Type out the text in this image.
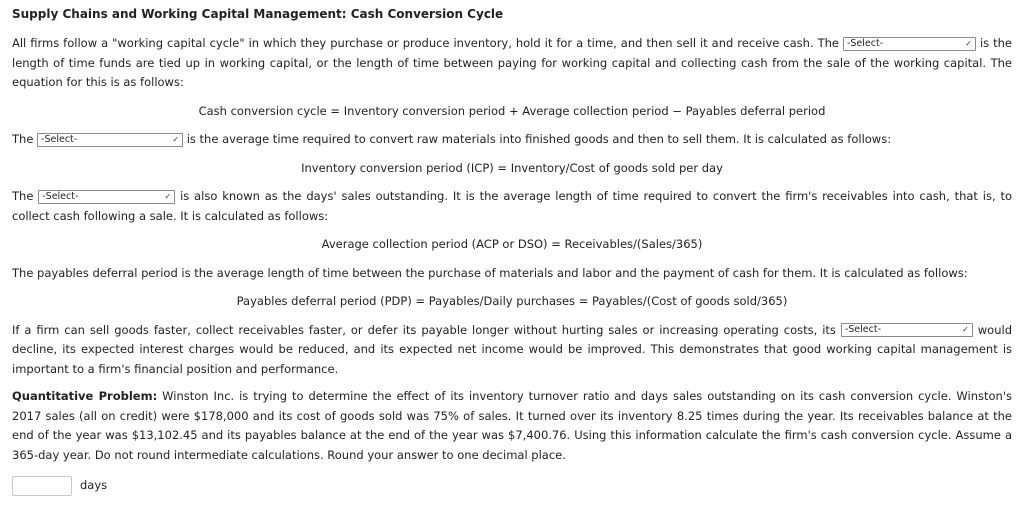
Supply Chains and Working Capital Management: Cash Conversion Cycle

All firms follow a "working capital cycle" in which they purchase or produce inventory, hold it for a time, and then sell it and receive cash. The -Select-	✓ is the length of time funds are tied up in working capital, or the length of time between paying for working capital and collecting cash from the sale of the working capital. The equation for this is as follows:

Cash conversion cycle = Inventory conversion period + Average collection period − Payables deferral period

The -Select-	✓ is the average time required to convert raw materials into finished goods and then to sell them. It is calculated as follows:

Inventory conversion period (ICP) = Inventory/Cost of goods sold per day

The -Select-	✓ is also known as the days' sales outstanding. It is the average length of time required to convert the firm's receivables into cash, that is, to collect cash following a sale. It is calculated as follows:

Average collection period (ACP or DSO) = Receivables/(Sales/365)

The payables deferral period is the average length of time between the purchase of materials and labor and the payment of cash for them. It is calculated as follows:

Payables deferral period (PDP) = Payables/Daily purchases = Payables/(Cost of goods sold/365)

If a firm can sell goods faster, collect receivables faster, or defer its payable longer without hurting sales or increasing operating costs, its -Select-	✓ would decline, its expected interest charges would be reduced, and its expected net income would be improved. This demonstrates that good working capital management is important to a firm's financial position and performance.

Quantitative Problem: Winston Inc. is trying to determine the effect of its inventory turnover ratio and days sales outstanding on its cash conversion cycle. Winston's 2017 sales (all on credit) were $178,000 and its cost of goods sold was 75% of sales. It turned over its inventory 8.25 times during the year. Its receivables balance at the end of the year was $13,102.45 and its payables balance at the end of the year was $7,400.76. Using this information calculate the firm's cash conversion cycle. Assume a 365-day year. Do not round intermediate calculations. Round your answer to one decimal place.

days
